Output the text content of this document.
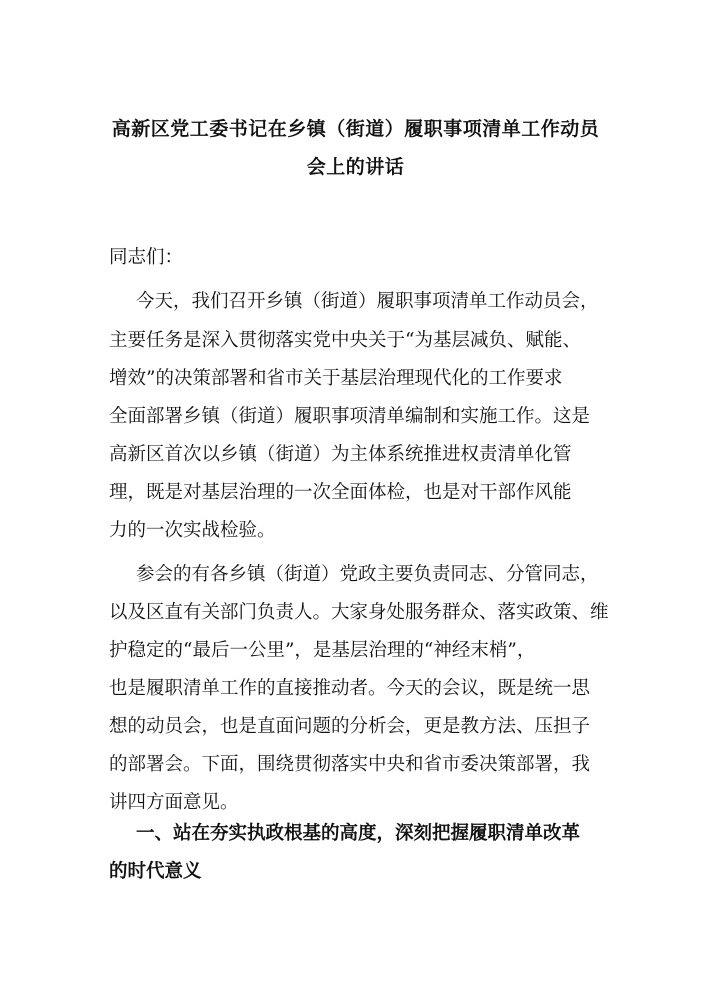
高新区党工委书记在乡镇（街道）履职事项清单工作动员
会上的讲话
同志们：
今天，我们召开乡镇（街道）履职事项清单工作动员会，
主要任务是深入贯彻落实党中央关于“为基层减负、赋能、
增效”的决策部署和省市关于基层治理现代化的工作要求
全面部署乡镇（街道）履职事项清单编制和实施工作。这是
高新区首次以乡镇（街道）为主体系统推进权责清单化管
理，既是对基层治理的一次全面体检，也是对干部作风能
力的一次实战检验。
参会的有各乡镇（街道）党政主要负责同志、分管同志，
以及区直有关部门负责人。大家身处服务群众、落实政策、维
护稳定的“最后一公里”，是基层治理的“神经末梢”，
也是履职清单工作的直接推动者。今天的会议，既是统一思
想的动员会，也是直面问题的分析会，更是教方法、压担子
的部署会。下面，围绕贯彻落实中央和省市委决策部署，我
讲四方面意见。
一、站在夯实执政根基的高度，深刻把握履职清单改革
的时代意义
